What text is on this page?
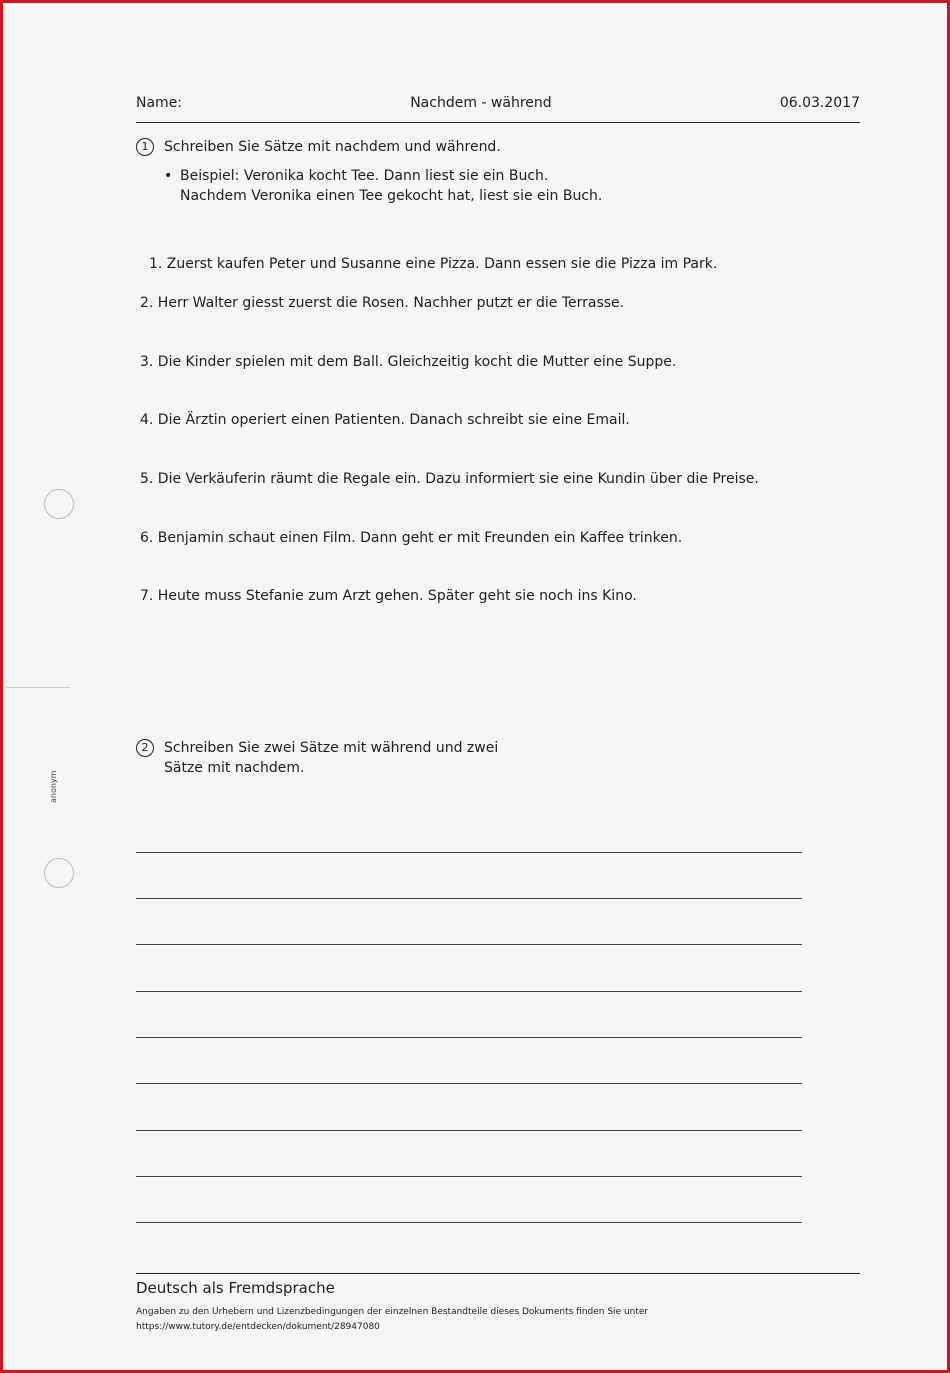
Name:	Nachdem - während	06.03.2017
1 Schreiben Sie Sätze mit nachdem und während.
• Beispiel: Veronika kocht Tee. Dann liest sie ein Buch.
Nachdem Veronika einen Tee gekocht hat, liest sie ein Buch.
1. Zuerst kaufen Peter und Susanne eine Pizza. Dann essen sie die Pizza im Park.
2. Herr Walter giesst zuerst die Rosen. Nachher putzt er die Terrasse.
3. Die Kinder spielen mit dem Ball. Gleichzeitig kocht die Mutter eine Suppe.
4. Die Ärztin operiert einen Patienten. Danach schreibt sie eine Email.
5. Die Verkäuferin räumt die Regale ein. Dazu informiert sie eine Kundin über die Preise.
6. Benjamin schaut einen Film. Dann geht er mit Freunden ein Kaffee trinken.
7. Heute muss Stefanie zum Arzt gehen. Später geht sie noch ins Kino.
anonym
2 Schreiben Sie zwei Sätze mit während und zwei
Sätze mit nachdem.
Deutsch als Fremdsprache
Angaben zu den Urhebern und Lizenzbedingungen der einzelnen Bestandteile dieses Dokuments finden Sie unter
https://www.tutory.de/entdecken/dokument/28947080
